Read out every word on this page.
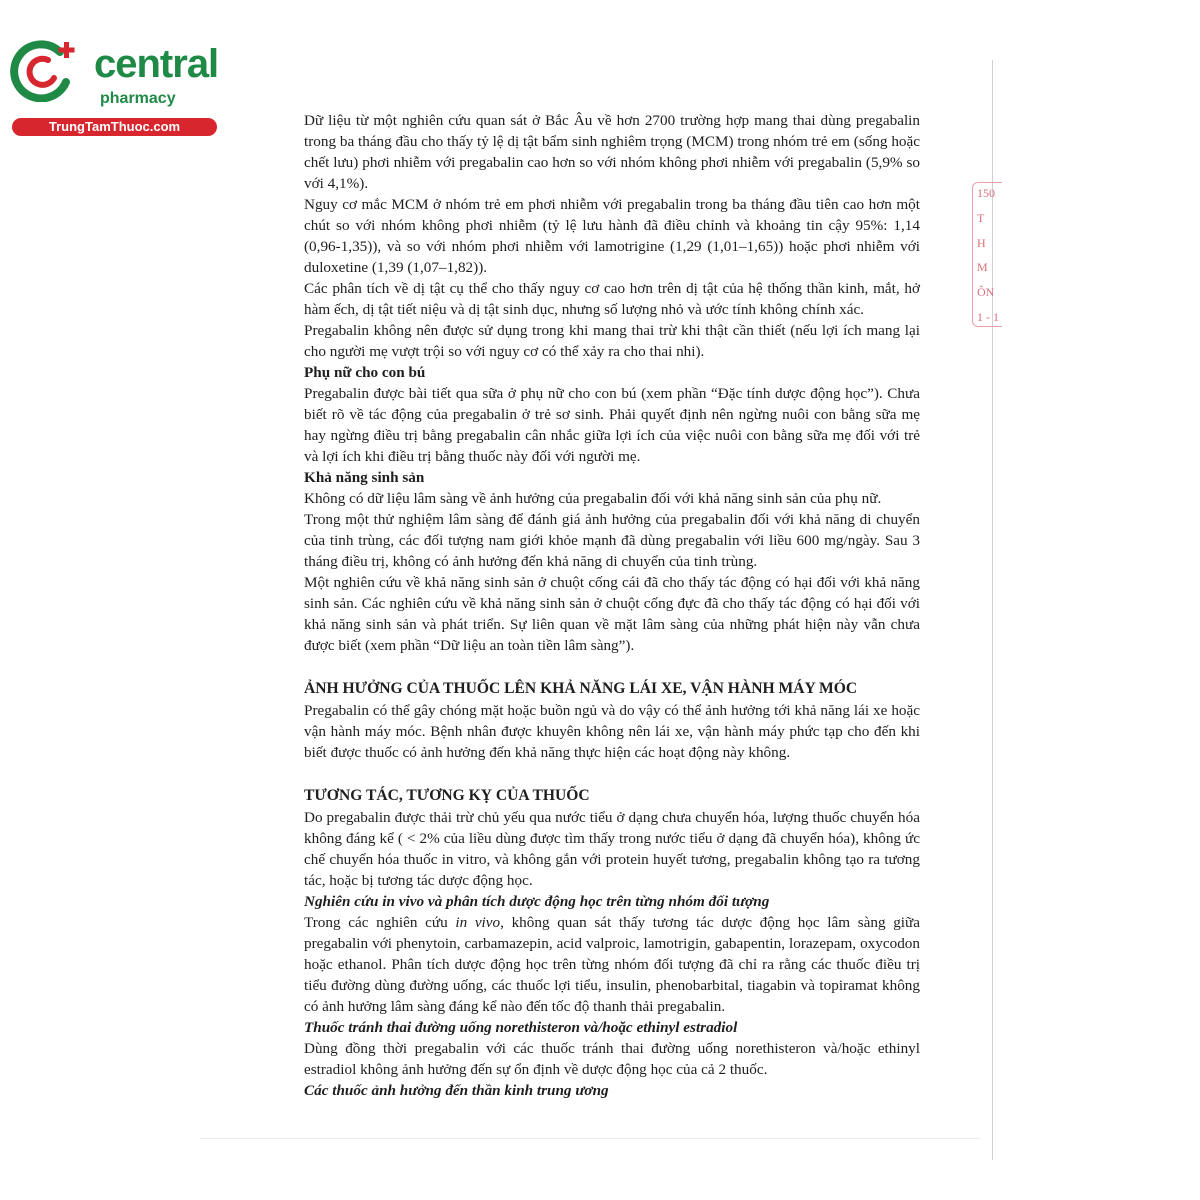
central
pharmacy
TrungTamThuoc.com
150
T
H
M
ÔN
1 - 1

Dữ liệu từ một nghiên cứu quan sát ở Bắc Âu về hơn 2700 trường hợp mang thai dùng pregabalin trong ba tháng đầu cho thấy tỷ lệ dị tật bẩm sinh nghiêm trọng (MCM) trong nhóm trẻ em (sống hoặc chết lưu) phơi nhiễm với pregabalin cao hơn so với nhóm không phơi nhiễm với pregabalin (5,9% so với 4,1%).

Nguy cơ mắc MCM ở nhóm trẻ em phơi nhiễm với pregabalin trong ba tháng đầu tiên cao hơn một chút so với nhóm không phơi nhiễm (tỷ lệ lưu hành đã điều chỉnh và khoảng tin cậy 95%: 1,14 (0,96-1,35)), và so với nhóm phơi nhiễm với lamotrigine (1,29 (1,01–1,65)) hoặc phơi nhiễm với duloxetine (1,39 (1,07–1,82)).

Các phân tích về dị tật cụ thể cho thấy nguy cơ cao hơn trên dị tật của hệ thống thần kinh, mắt, hở hàm ếch, dị tật tiết niệu và dị tật sinh dục, nhưng số lượng nhỏ và ước tính không chính xác.

Pregabalin không nên được sử dụng trong khi mang thai trừ khi thật cần thiết (nếu lợi ích mang lại cho người mẹ vượt trội so với nguy cơ có thể xảy ra cho thai nhi).

Phụ nữ cho con bú

Pregabalin được bài tiết qua sữa ở phụ nữ cho con bú (xem phần “Đặc tính dược động học”). Chưa biết rõ về tác động của pregabalin ở trẻ sơ sinh. Phải quyết định nên ngừng nuôi con bằng sữa mẹ hay ngừng điều trị bằng pregabalin cân nhắc giữa lợi ích của việc nuôi con bằng sữa mẹ đối với trẻ và lợi ích khi điều trị bằng thuốc này đối với người mẹ.

Khả năng sinh sản

Không có dữ liệu lâm sàng về ảnh hưởng của pregabalin đối với khả năng sinh sản của phụ nữ.

Trong một thử nghiệm lâm sàng để đánh giá ảnh hưởng của pregabalin đối với khả năng di chuyển của tinh trùng, các đối tượng nam giới khỏe mạnh đã dùng pregabalin với liều 600 mg/ngày. Sau 3 tháng điều trị, không có ảnh hưởng đến khả năng di chuyển của tinh trùng.

Một nghiên cứu về khả năng sinh sản ở chuột cống cái đã cho thấy tác động có hại đối với khả năng sinh sản. Các nghiên cứu về khả năng sinh sản ở chuột cống đực đã cho thấy tác động có hại đối với khả năng sinh sản và phát triển. Sự liên quan về mặt lâm sàng của những phát hiện này vẫn chưa được biết (xem phần “Dữ liệu an toàn tiền lâm sàng”).

ẢNH HƯỞNG CỦA THUỐC LÊN KHẢ NĂNG LÁI XE, VẬN HÀNH MÁY MÓC

Pregabalin có thể gây chóng mặt hoặc buồn ngủ và do vậy có thể ảnh hưởng tới khả năng lái xe hoặc vận hành máy móc. Bệnh nhân được khuyên không nên lái xe, vận hành máy phức tạp cho đến khi biết được thuốc có ảnh hưởng đến khả năng thực hiện các hoạt động này không.

TƯƠNG TÁC, TƯƠNG KỴ CỦA THUỐC

Do pregabalin được thải trừ chủ yếu qua nước tiểu ở dạng chưa chuyển hóa, lượng thuốc chuyển hóa không đáng kể ( < 2% của liều dùng được tìm thấy trong nước tiểu ở dạng đã chuyển hóa), không ức chế chuyển hóa thuốc in vitro, và không gắn với protein huyết tương, pregabalin không tạo ra tương tác, hoặc bị tương tác dược động học.

Nghiên cứu in vivo và phân tích dược động học trên từng nhóm đối tượng

Trong các nghiên cứu in vivo, không quan sát thấy tương tác dược động học lâm sàng giữa pregabalin với phenytoin, carbamazepin, acid valproic, lamotrigin, gabapentin, lorazepam, oxycodon hoặc ethanol. Phân tích dược động học trên từng nhóm đối tượng đã chỉ ra rằng các thuốc điều trị tiểu đường dùng đường uống, các thuốc lợi tiểu, insulin, phenobarbital, tiagabin và topiramat không có ảnh hưởng lâm sàng đáng kể nào đến tốc độ thanh thải pregabalin.

Thuốc tránh thai đường uống norethisteron và/hoặc ethinyl estradiol

Dùng đồng thời pregabalin với các thuốc tránh thai đường uống norethisteron và/hoặc ethinyl estradiol không ảnh hưởng đến sự ổn định về dược động học của cả 2 thuốc.

Các thuốc ảnh hưởng đến thần kinh trung ương
